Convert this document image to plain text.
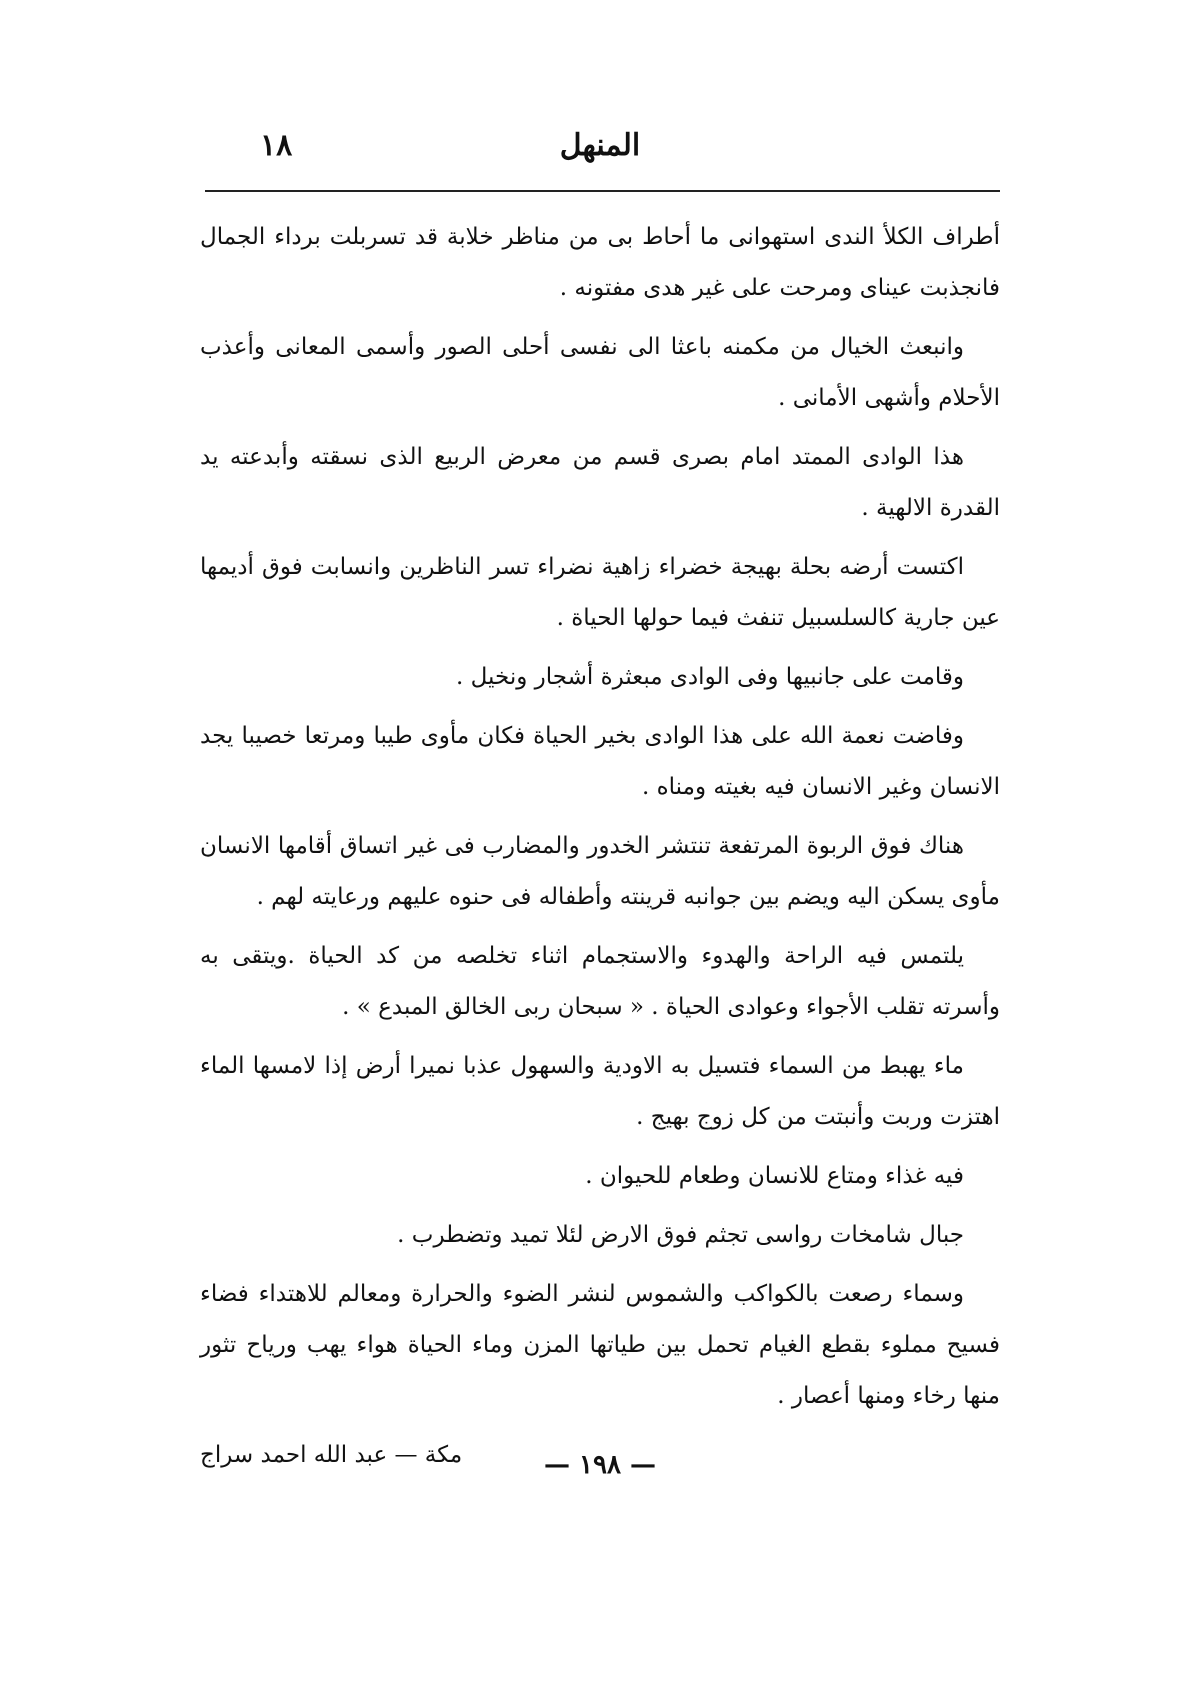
١٨	المنهل

أطراف الكلأ الندى استهوانى ما أحاط بى من مناظر خلابة قد تسربلت برداء الجمال فانجذبت عيناى ومرحت على غير هدى مفتونه .

وانبعث الخيال من مكمنه باعثا الى نفسى أحلى الصور وأسمى المعانى وأعذب الأحلام وأشهى الأمانى .

هذا الوادى الممتد امام بصرى قسم من معرض الربيع الذى نسقته وأبدعته يد القدرة الالهية .

اكتست أرضه بحلة بهيجة خضراء زاهية نضراء تسر الناظرين وانسابت فوق أديمها عين جارية كالسلسبيل تنفث فيما حولها الحياة .

وقامت على جانبيها وفى الوادى مبعثرة أشجار ونخيل .

وفاضت نعمة الله على هذا الوادى بخير الحياة فكان مأوى طيبا ومرتعا خصيبا يجد الانسان وغير الانسان فيه بغيته ومناه .

هناك فوق الربوة المرتفعة تنتشر الخدور والمضارب فى غير اتساق أقامها الانسان مأوى يسكن اليه ويضم بين جوانبه قرينته وأطفاله فى حنوه عليهم ورعايته لهم .

يلتمس فيه الراحة والهدوء والاستجمام اثناء تخلصه من كد الحياة .ويتقى به وأسرته تقلب الأجواء وعوادى الحياة . « سبحان ربى الخالق المبدع » .

ماء يهبط من السماء فتسيل به الاودية والسهول عذبا نميرا أرض إذا لامسها الماء اهتزت وربت وأنبتت من كل زوج بهيج .

فيه غذاء ومتاع للانسان وطعام للحيوان .

جبال شامخات رواسى تجثم فوق الارض لئلا تميد وتضطرب .

وسماء رصعت بالكواكب والشموس لنشر الضوء والحرارة ومعالم للاهتداء فضاء فسيح مملوء بقطع الغيام تحمل بين طياتها المزن وماء الحياة هواء يهب ورياح تثور منها رخاء ومنها أعصار .

مكة — عبد الله احمد سراج	— ١٩٨ —
